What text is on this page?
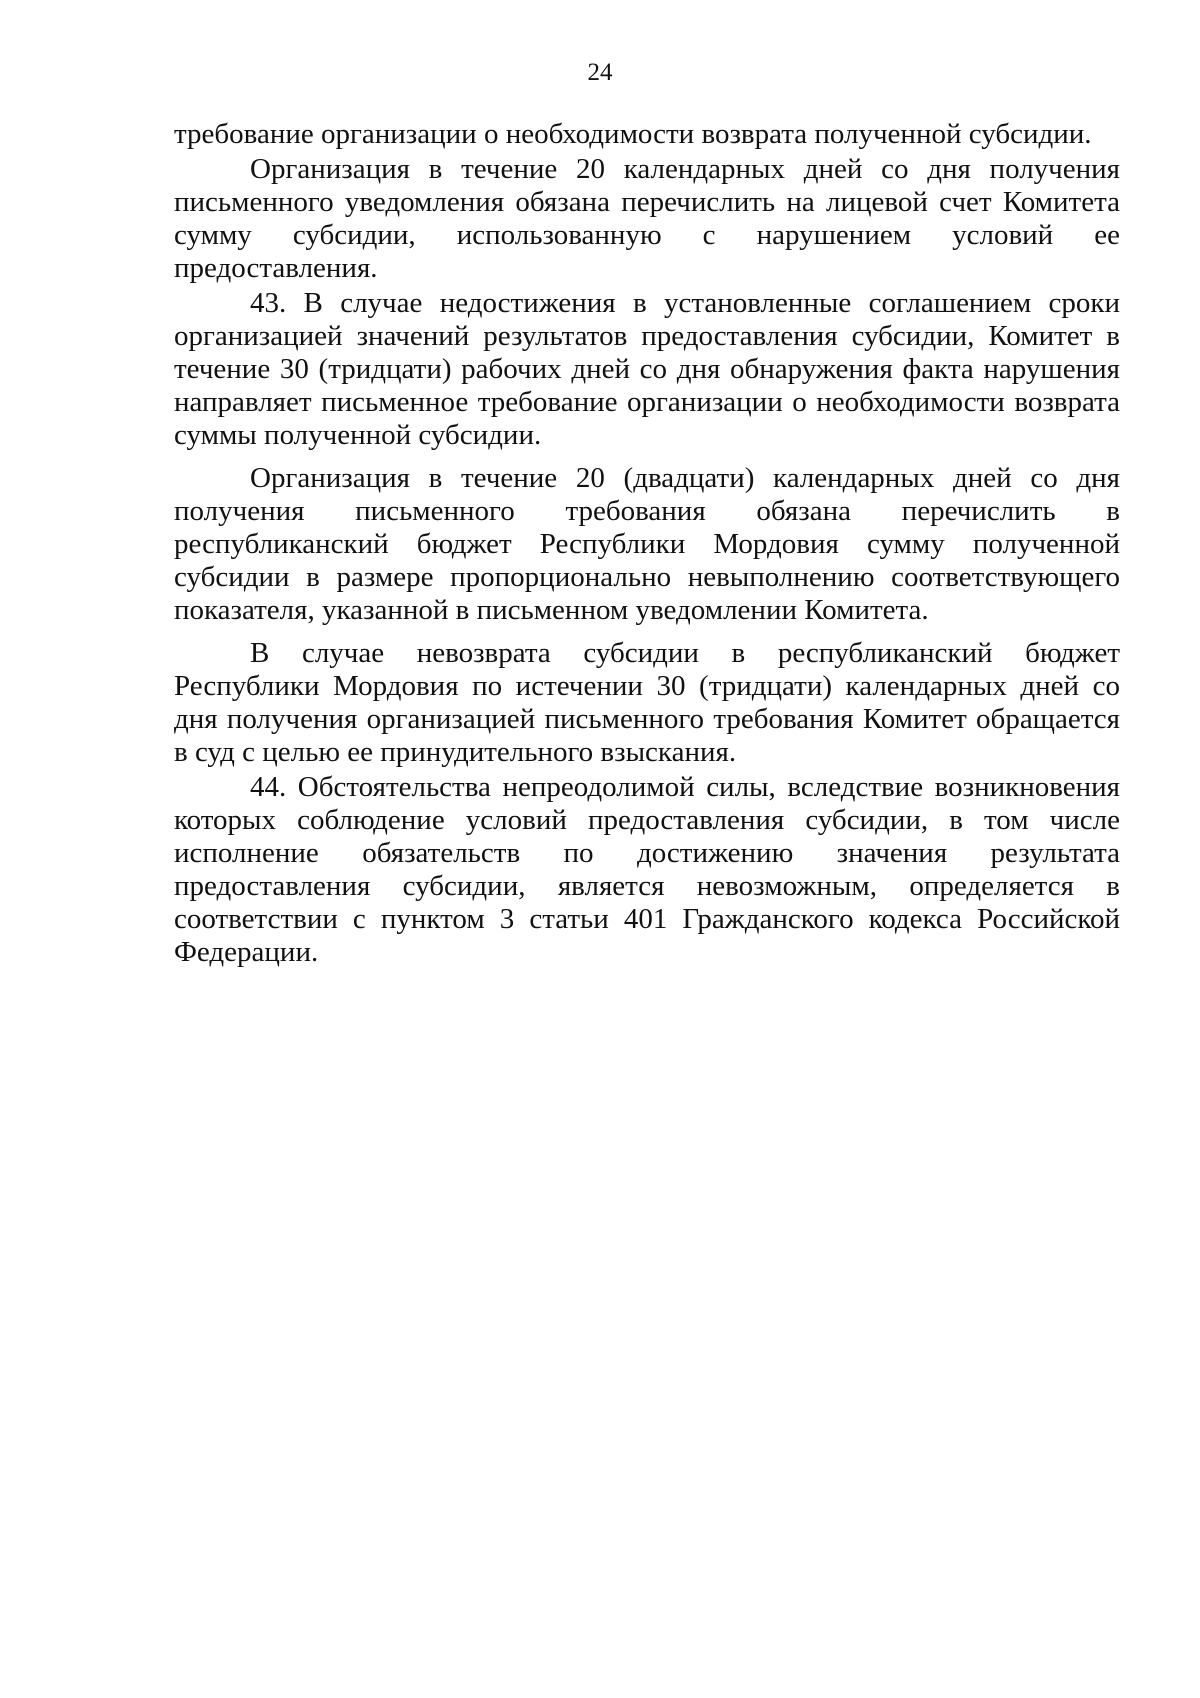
24

требование организации о необходимости возврата полученной субсидии.

Организация в течение 20 календарных дней со дня получения письменного уведомления обязана перечислить на лицевой счет Комитета сумму субсидии, использованную с нарушением условий ее предоставления.

43. В случае недостижения в установленные соглашением сроки организацией значений результатов предоставления субсидии, Комитет в течение 30 (тридцати) рабочих дней со дня обнаружения факта нарушения направляет письменное требование организации о необходимости возврата суммы полученной субсидии.

Организация в течение 20 (двадцати) календарных дней со дня получения письменного требования обязана перечислить в республиканский бюджет Республики Мордовия сумму полученной субсидии в размере пропорционально невыполнению соответствующего показателя, указанной в письменном уведомлении Комитета.

В случае невозврата субсидии в республиканский бюджет Республики Мордовия по истечении 30 (тридцати) календарных дней со дня получения организацией письменного требования Комитет обращается в суд с целью ее принудительного взыскания.

44. Обстоятельства непреодолимой силы, вследствие возникновения которых соблюдение условий предоставления субсидии, в том числе исполнение обязательств по достижению значения результата предоставления субсидии, является невозможным, определяется в соответствии с пунктом 3 статьи 401 Гражданского кодекса Российской Федерации.
